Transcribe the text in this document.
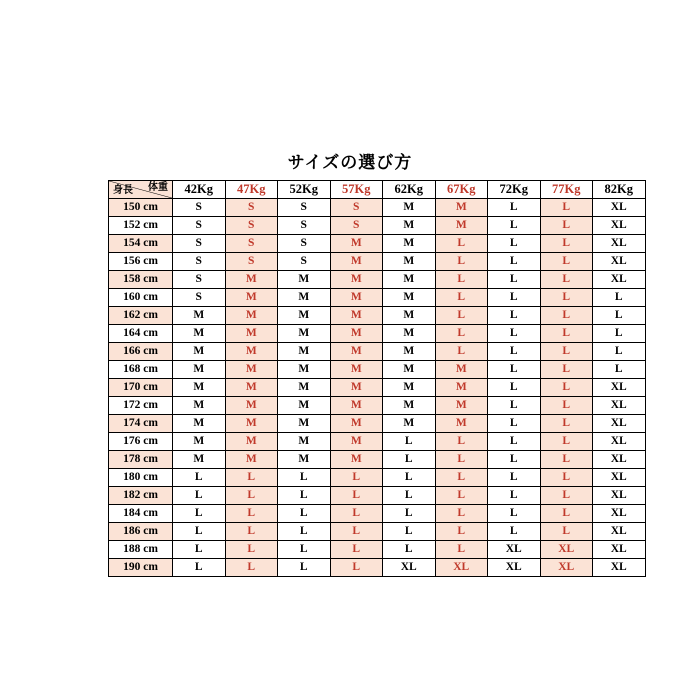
サイズの選び方
体重
身長	42Kg	47Kg	52Kg	57Kg	62Kg	67Kg	72Kg	77Kg	82Kg
150 cm	S	S	S	S	M	M	L	L	XL
152 cm	S	S	S	S	M	M	L	L	XL
154 cm	S	S	S	M	M	L	L	L	XL
156 cm	S	S	S	M	M	L	L	L	XL
158 cm	S	M	M	M	M	L	L	L	XL
160 cm	S	M	M	M	M	L	L	L	L
162 cm	M	M	M	M	M	L	L	L	L
164 cm	M	M	M	M	M	L	L	L	L
166 cm	M	M	M	M	M	L	L	L	L
168 cm	M	M	M	M	M	M	L	L	L
170 cm	M	M	M	M	M	M	L	L	XL
172 cm	M	M	M	M	M	M	L	L	XL
174 cm	M	M	M	M	M	M	L	L	XL
176 cm	M	M	M	M	L	L	L	L	XL
178 cm	M	M	M	M	L	L	L	L	XL
180 cm	L	L	L	L	L	L	L	L	XL
182 cm	L	L	L	L	L	L	L	L	XL
184 cm	L	L	L	L	L	L	L	L	XL
186 cm	L	L	L	L	L	L	L	L	XL
188 cm	L	L	L	L	L	L	XL	XL	XL
190 cm	L	L	L	L	XL	XL	XL	XL	XL
